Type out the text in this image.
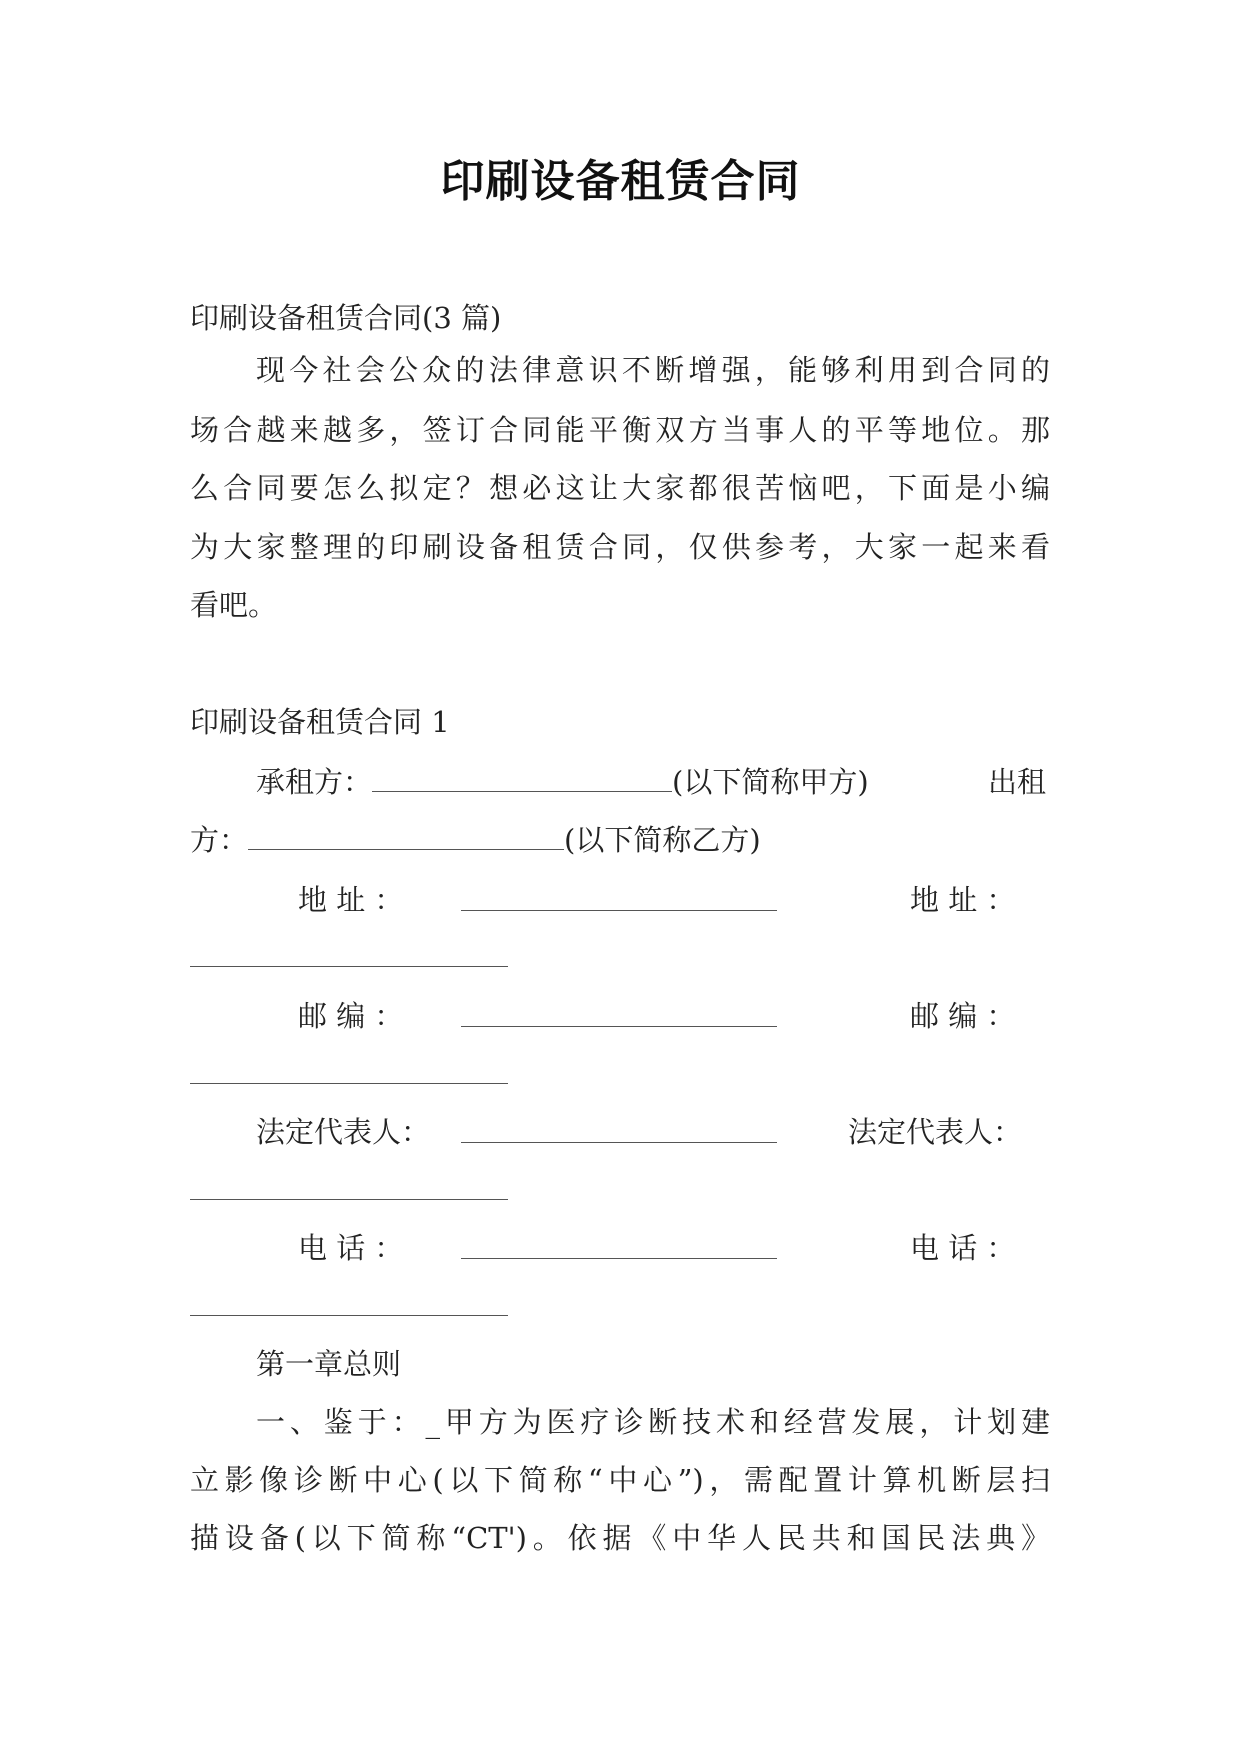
印刷设备租赁合同
印刷设备租赁合同(3 篇)
现今社会公众的法律意识不断增强，能够利用到合同的
场合越来越多，签订合同能平衡双方当事人的平等地位。那
么合同要怎么拟定？想必这让大家都很苦恼吧，下面是小编
为大家整理的印刷设备租赁合同，仅供参考，大家一起来看
看吧。
印刷设备租赁合同 1
承租方：	(以下简称甲方)	出租
方：	(以下简称乙方)
地 址 ：	地 址 ：
邮 编 ：	邮 编 ：
法定代表人：	法定代表人：
电 话 ：	电 话 ：
第一章总则
一、鉴于：_甲方为医疗诊断技术和经营发展，计划建
立影像诊断中心(以下简称“中心”)，需配置计算机断层扫
描设备(以下简称“CT')。依据《中华人民共和国民法典》
